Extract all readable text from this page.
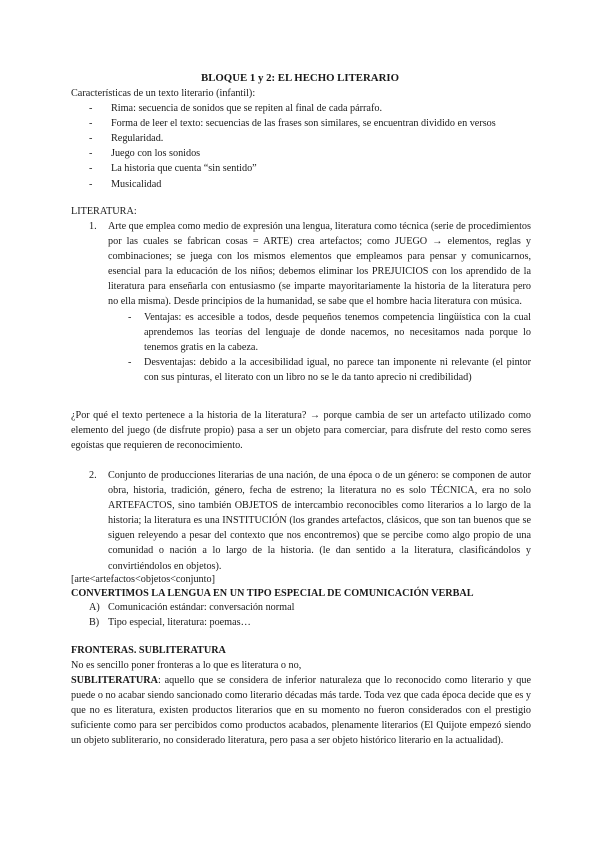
BLOQUE 1 y 2: EL HECHO LITERARIO
Características de un texto literario (infantil):
- Rima: secuencia de sonidos que se repiten al final de cada párrafo.
- Forma de leer el texto: secuencias de las frases son similares, se encuentran dividido en versos
- Regularidad.
- Juego con los sonidos
- La historia que cuenta “sin sentido”
- Musicalidad
LITERATURA:
1. Arte que emplea como medio de expresión una lengua, literatura como técnica (serie de procedimientos por las cuales se fabrican cosas = ARTE) crea artefactos; como JUEGO → elementos, reglas y combinaciones; se juega con los mismos elementos que empleamos para pensar y comunicarnos, esencial para la educación de los niños; debemos eliminar los PREJUICIOS con los aprendido de la literatura para enseñarla con entusiasmo (se imparte mayoritariamente la historia de la literatura pero no ella misma). Desde principios de la humanidad, se sabe que el hombre hacia literatura con música.
- Ventajas: es accesible a todos, desde pequeños tenemos competencia lingüística con la cual aprendemos las teorías del lenguaje de donde nacemos, no necesitamos nada porque lo tenemos gratis en la cabeza.
- Desventajas: debido a la accesibilidad igual, no parece tan imponente ni relevante (el pintor con sus pinturas, el literato con un libro no se le da tanto aprecio ni credibilidad)
¿Por qué el texto pertenece a la historia de la literatura? → porque cambia de ser un artefacto utilizado como elemento del juego (de disfrute propio) pasa a ser un objeto para comerciar, para disfrute del resto como seres egoístas que requieren de reconocimiento.
2. Conjunto de producciones literarias de una nación, de una época o de un género: se componen de autor obra, historia, tradición, género, fecha de estreno; la literatura no es solo TÉCNICA, era no solo ARTEFACTOS, sino también OBJETOS de intercambio reconocibles como literarios a lo largo de la historia; la literatura es una INSTITUCIÓN (los grandes artefactos, clásicos, que son tan buenos que se siguen releyendo a pesar del contexto que nos encontremos) que se percibe como algo propio de una comunidad o nación a lo largo de la historia. (le dan sentido a la literatura, clasificándolos y convirtiéndolos en objetos).
[arte<artefactos<objetos<conjunto]
CONVERTIMOS LA LENGUA EN UN TIPO ESPECIAL DE COMUNICACIÓN VERBAL
A) Comunicación estándar: conversación normal
B) Tipo especial, literatura: poemas…
FRONTERAS. SUBLITERATURA
No es sencillo poner fronteras a lo que es literatura o no,
SUBLITERATURA: aquello que se considera de inferior naturaleza que lo reconocido como literario y que puede o no acabar siendo sancionado como literario décadas más tarde. Toda vez que cada época decide que es y que no es literatura, existen productos literarios que en su momento no fueron considerados con el prestigio suficiente como para ser percibidos como productos acabados, plenamente literarios (El Quijote empezó siendo un objeto subliterario, no considerado literatura, pero pasa a ser objeto histórico literario en la actualidad).
